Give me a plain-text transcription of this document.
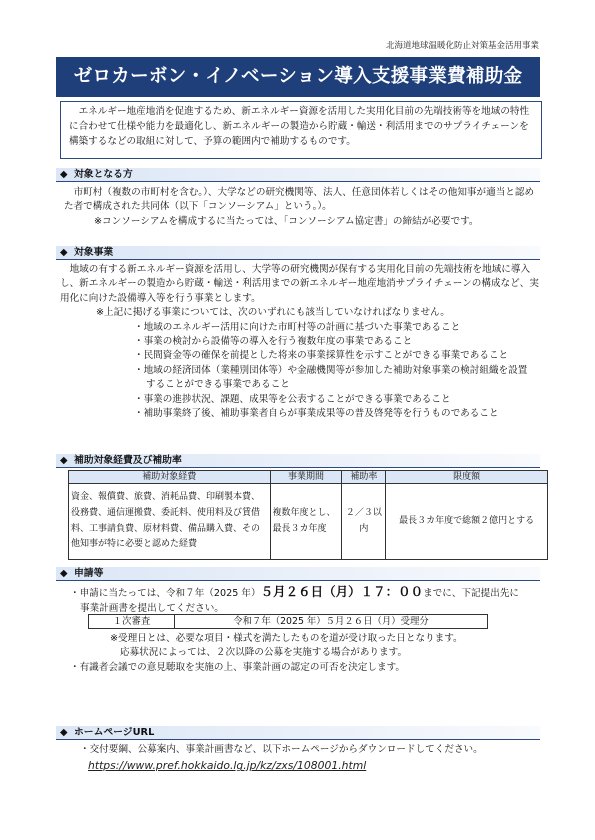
北海道地球温暖化防止対策基金活用事業
ゼロカーボン・イノベーション導入支援事業費補助金

エネルギー地産地消を促進するため、新エネルギー資源を活用した実用化目前の先端技術等を地域の特性に合わせて仕様や能力を最適化し、新エネルギーの製造から貯蔵・輸送・利活用までのサプライチェーンを構築するなどの取組に対して、予算の範囲内で補助するものです。

◆ 対象となる方

市町村（複数の市町村を含む。）、大学などの研究機関等、法人、任意団体若しくはその他知事が適当と認めた者で構成された共同体（以下「コンソーシアム」という。）。

※コンソーシアムを構成するに当たっては、「コンソーシアム協定書」の締結が必要です。

◆ 対象事業

地域の有する新エネルギー資源を活用し、大学等の研究機関が保有する実用化目前の先端技術を地域に導入し、新エネルギーの製造から貯蔵・輸送・利活用までの新エネルギー地産地消サプライチェーンの構成など、実用化に向けた設備導入等を行う事業とします。

※上記に掲げる事業については、次のいずれにも該当していなければなりません。

・地域のエネルギー活用に向けた市町村等の計画に基づいた事業であること
・事業の検討から設備等の導入を行う複数年度の事業であること
・民間資金等の確保を前提とした将来の事業採算性を示すことができる事業であること
・地域の経済団体（業種別団体等）や金融機関等が参加した補助対象事業の検討組織を設置
することができる事業であること
・事業の進捗状況、課題、成果等を公表することができる事業であること
・補助事業終了後、補助事業者自らが事業成果等の普及啓発等を行うものであること
◆ 補助対象経費及び補助率
補助対象経費	事業期間	補助率	限度額
資金、報償費、旅費、消耗品費、印刷製本費、役務費、通信運搬費、委託料、使用料及び賃借料、工事請負費、原材料費、備品購入費、その他知事が特に必要と認めた経費	複数年度とし、最長３カ年度	２／３以内	最長３カ年度で総額２億円とする
◆ 申請等
・申請に当たっては、令和７年（2025 年） ５月２６日（月）１７：００ までに、下記提出先に

事業計画書を提出してください。

１次審査	令和７年（2025 年）５月２６日（月）受理分

※受理日とは、必要な項目・様式を満たしたものを道が受け取った日となります。

応募状況によっては、２次以降の公募を実施する場合があります。

・有識者会議での意見聴取を実施の上、事業計画の認定の可否を決定します。

◆ ホームページURL

・交付要綱、公募案内、事業計画書など、以下ホームページからダウンロードしてください。

https://www.pref.hokkaido.lg.jp/kz/zxs/108001.html
